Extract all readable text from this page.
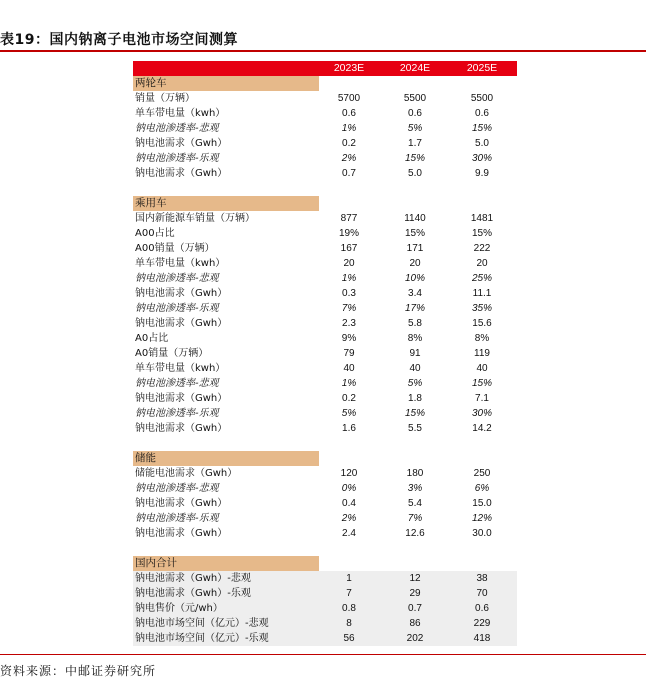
表19：国内钠离子电池市场空间测算
2023E	2024E	2025E
两轮车
销量（万辆）	5700	5500	5500
单车带电量（kwh）	0.6	0.6	0.6
钠电池渗透率-悲观	1%	5%	15%
钠电池需求（Gwh）	0.2	1.7	5.0
钠电池渗透率-乐观	2%	15%	30%
钠电池需求（Gwh）	0.7	5.0	9.9
乘用车
国内新能源车销量（万辆）	877	1140	1481
A00占比	19%	15%	15%
A00销量（万辆）	167	171	222
单车带电量（kwh）	20	20	20
钠电池渗透率-悲观	1%	10%	25%
钠电池需求（Gwh）	0.3	3.4	11.1
钠电池渗透率-乐观	7%	17%	35%
钠电池需求（Gwh）	2.3	5.8	15.6
A0占比	9%	8%	8%
A0销量（万辆）	79	91	119
单车带电量（kwh）	40	40	40
钠电池渗透率-悲观	1%	5%	15%
钠电池需求（Gwh）	0.2	1.8	7.1
钠电池渗透率-乐观	5%	15%	30%
钠电池需求（Gwh）	1.6	5.5	14.2
储能
储能电池需求（Gwh）	120	180	250
钠电池渗透率-悲观	0%	3%	6%
钠电池需求（Gwh）	0.4	5.4	15.0
钠电池渗透率-乐观	2%	7%	12%
钠电池需求（Gwh）	2.4	12.6	30.0
国内合计
钠电池需求（Gwh）-悲观	1	12	38
钠电池需求（Gwh）-乐观	7	29	70
钠电售价（元/wh）	0.8	0.7	0.6
钠电池市场空间（亿元）-悲观	8	86	229
钠电池市场空间（亿元）-乐观	56	202	418
资料来源：中邮证券研究所
